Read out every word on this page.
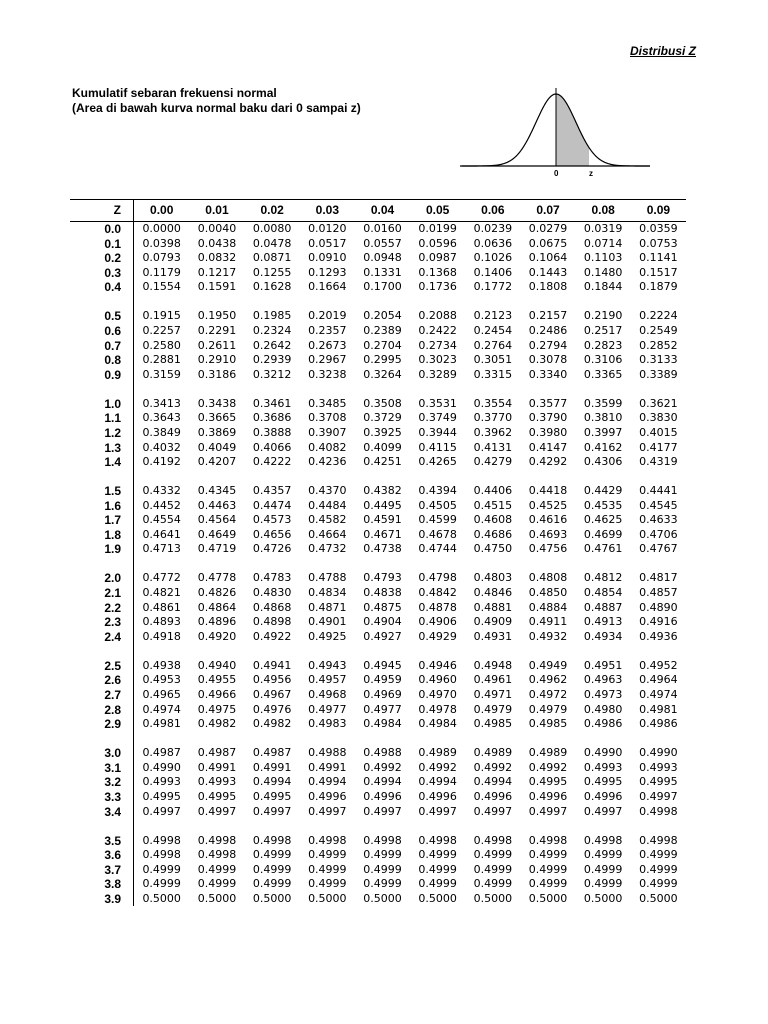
Distribusi Z
Kumulatif sebaran frekuensi normal
(Area di bawah kurva normal baku dari 0 sampai z)
0	z
Z	0.00	0.01	0.02	0.03	0.04	0.05	0.06	0.07	0.08	0.09
0.0	0.0000	0.0040	0.0080	0.0120	0.0160	0.0199	0.0239	0.0279	0.0319	0.0359
0.1	0.0398	0.0438	0.0478	0.0517	0.0557	0.0596	0.0636	0.0675	0.0714	0.0753
0.2	0.0793	0.0832	0.0871	0.0910	0.0948	0.0987	0.1026	0.1064	0.1103	0.1141
0.3	0.1179	0.1217	0.1255	0.1293	0.1331	0.1368	0.1406	0.1443	0.1480	0.1517
0.4	0.1554	0.1591	0.1628	0.1664	0.1700	0.1736	0.1772	0.1808	0.1844	0.1879
0.5	0.1915	0.1950	0.1985	0.2019	0.2054	0.2088	0.2123	0.2157	0.2190	0.2224
0.6	0.2257	0.2291	0.2324	0.2357	0.2389	0.2422	0.2454	0.2486	0.2517	0.2549
0.7	0.2580	0.2611	0.2642	0.2673	0.2704	0.2734	0.2764	0.2794	0.2823	0.2852
0.8	0.2881	0.2910	0.2939	0.2967	0.2995	0.3023	0.3051	0.3078	0.3106	0.3133
0.9	0.3159	0.3186	0.3212	0.3238	0.3264	0.3289	0.3315	0.3340	0.3365	0.3389
1.0	0.3413	0.3438	0.3461	0.3485	0.3508	0.3531	0.3554	0.3577	0.3599	0.3621
1.1	0.3643	0.3665	0.3686	0.3708	0.3729	0.3749	0.3770	0.3790	0.3810	0.3830
1.2	0.3849	0.3869	0.3888	0.3907	0.3925	0.3944	0.3962	0.3980	0.3997	0.4015
1.3	0.4032	0.4049	0.4066	0.4082	0.4099	0.4115	0.4131	0.4147	0.4162	0.4177
1.4	0.4192	0.4207	0.4222	0.4236	0.4251	0.4265	0.4279	0.4292	0.4306	0.4319
1.5	0.4332	0.4345	0.4357	0.4370	0.4382	0.4394	0.4406	0.4418	0.4429	0.4441
1.6	0.4452	0.4463	0.4474	0.4484	0.4495	0.4505	0.4515	0.4525	0.4535	0.4545
1.7	0.4554	0.4564	0.4573	0.4582	0.4591	0.4599	0.4608	0.4616	0.4625	0.4633
1.8	0.4641	0.4649	0.4656	0.4664	0.4671	0.4678	0.4686	0.4693	0.4699	0.4706
1.9	0.4713	0.4719	0.4726	0.4732	0.4738	0.4744	0.4750	0.4756	0.4761	0.4767
2.0	0.4772	0.4778	0.4783	0.4788	0.4793	0.4798	0.4803	0.4808	0.4812	0.4817
2.1	0.4821	0.4826	0.4830	0.4834	0.4838	0.4842	0.4846	0.4850	0.4854	0.4857
2.2	0.4861	0.4864	0.4868	0.4871	0.4875	0.4878	0.4881	0.4884	0.4887	0.4890
2.3	0.4893	0.4896	0.4898	0.4901	0.4904	0.4906	0.4909	0.4911	0.4913	0.4916
2.4	0.4918	0.4920	0.4922	0.4925	0.4927	0.4929	0.4931	0.4932	0.4934	0.4936
2.5	0.4938	0.4940	0.4941	0.4943	0.4945	0.4946	0.4948	0.4949	0.4951	0.4952
2.6	0.4953	0.4955	0.4956	0.4957	0.4959	0.4960	0.4961	0.4962	0.4963	0.4964
2.7	0.4965	0.4966	0.4967	0.4968	0.4969	0.4970	0.4971	0.4972	0.4973	0.4974
2.8	0.4974	0.4975	0.4976	0.4977	0.4977	0.4978	0.4979	0.4979	0.4980	0.4981
2.9	0.4981	0.4982	0.4982	0.4983	0.4984	0.4984	0.4985	0.4985	0.4986	0.4986
3.0	0.4987	0.4987	0.4987	0.4988	0.4988	0.4989	0.4989	0.4989	0.4990	0.4990
3.1	0.4990	0.4991	0.4991	0.4991	0.4992	0.4992	0.4992	0.4992	0.4993	0.4993
3.2	0.4993	0.4993	0.4994	0.4994	0.4994	0.4994	0.4994	0.4995	0.4995	0.4995
3.3	0.4995	0.4995	0.4995	0.4996	0.4996	0.4996	0.4996	0.4996	0.4996	0.4997
3.4	0.4997	0.4997	0.4997	0.4997	0.4997	0.4997	0.4997	0.4997	0.4997	0.4998
3.5	0.4998	0.4998	0.4998	0.4998	0.4998	0.4998	0.4998	0.4998	0.4998	0.4998
3.6	0.4998	0.4998	0.4999	0.4999	0.4999	0.4999	0.4999	0.4999	0.4999	0.4999
3.7	0.4999	0.4999	0.4999	0.4999	0.4999	0.4999	0.4999	0.4999	0.4999	0.4999
3.8	0.4999	0.4999	0.4999	0.4999	0.4999	0.4999	0.4999	0.4999	0.4999	0.4999
3.9	0.5000	0.5000	0.5000	0.5000	0.5000	0.5000	0.5000	0.5000	0.5000	0.5000
